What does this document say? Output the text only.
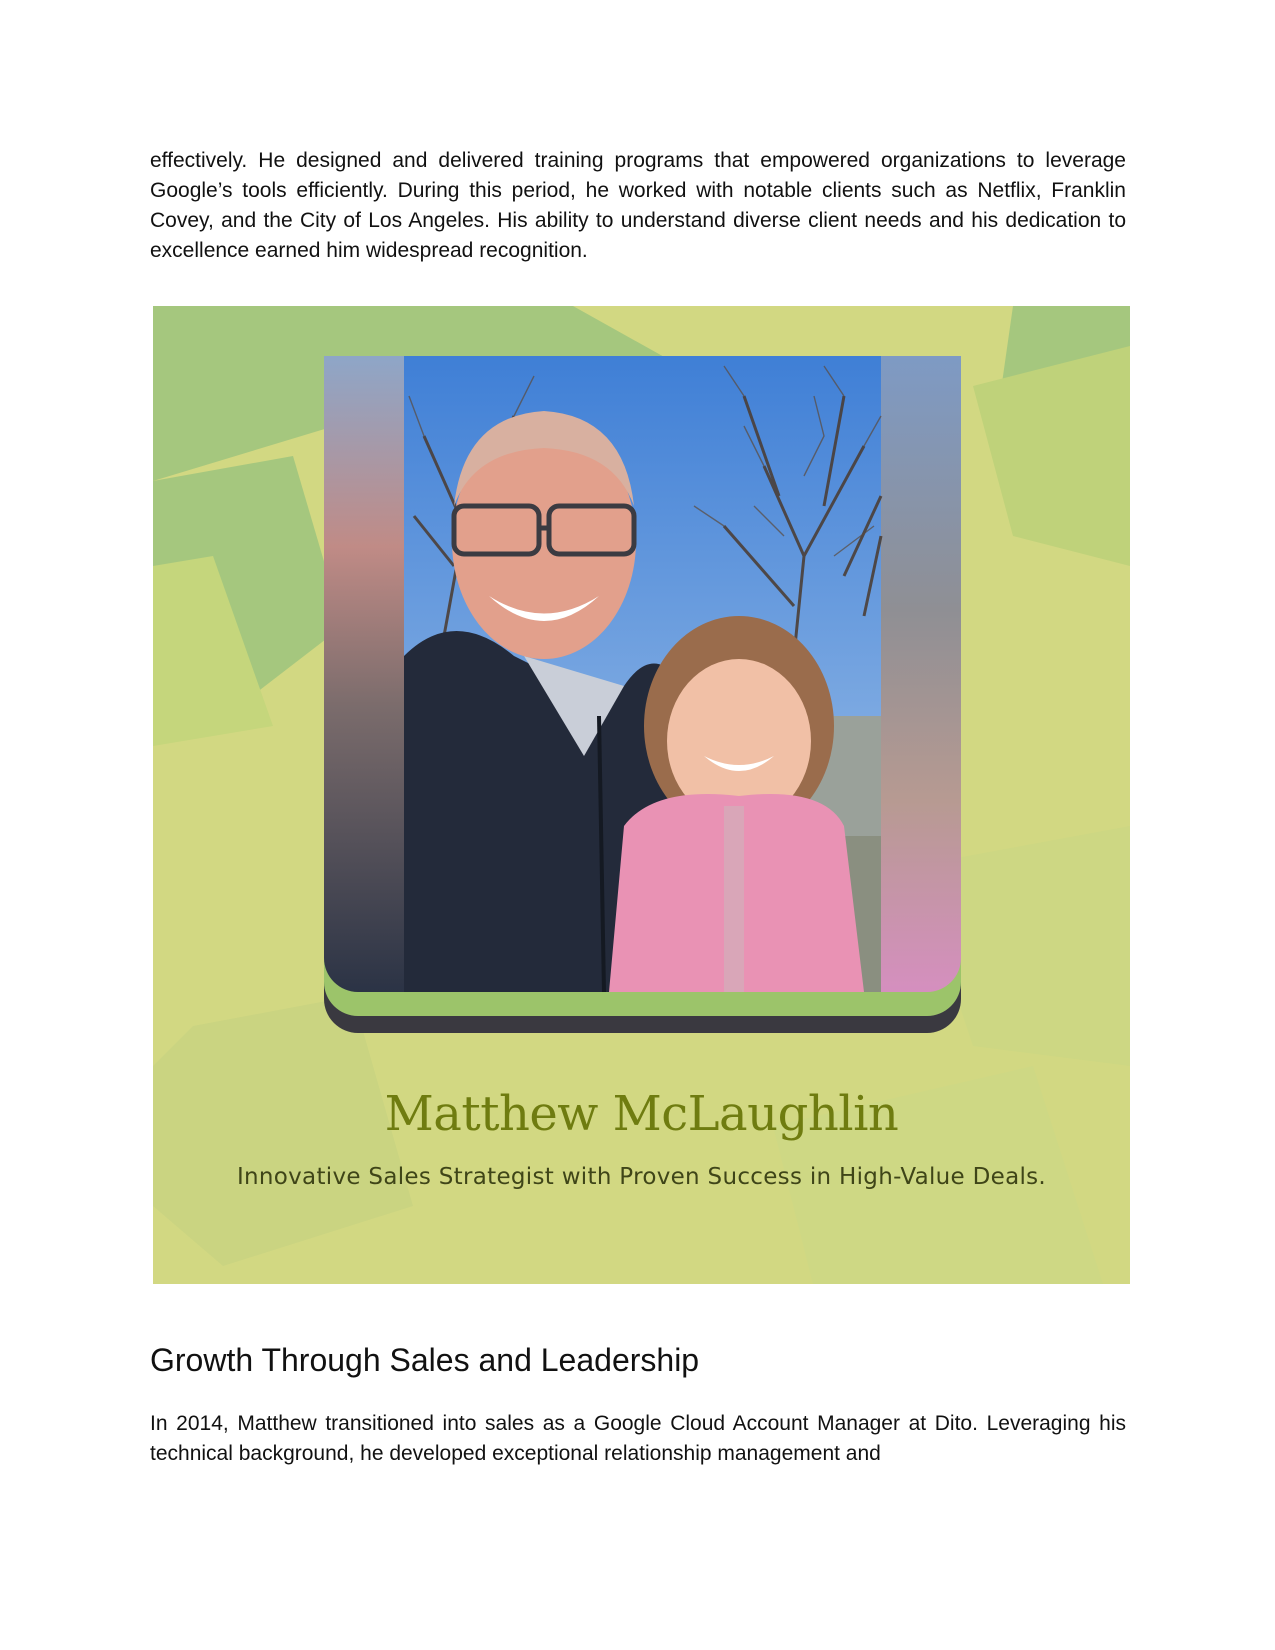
effectively. He designed and delivered training programs that empowered organizations to leverage Google’s tools efficiently. During this period, he worked with notable clients such as Netflix, Franklin Covey, and the City of Los Angeles. His ability to understand diverse client needs and his dedication to excellence earned him widespread recognition.

Matthew McLaughlin

Innovative Sales Strategist with Proven Success in High-Value Deals.

Growth Through Sales and Leadership

In 2014, Matthew transitioned into sales as a Google Cloud Account Manager at Dito. Leveraging his technical background, he developed exceptional relationship management and
